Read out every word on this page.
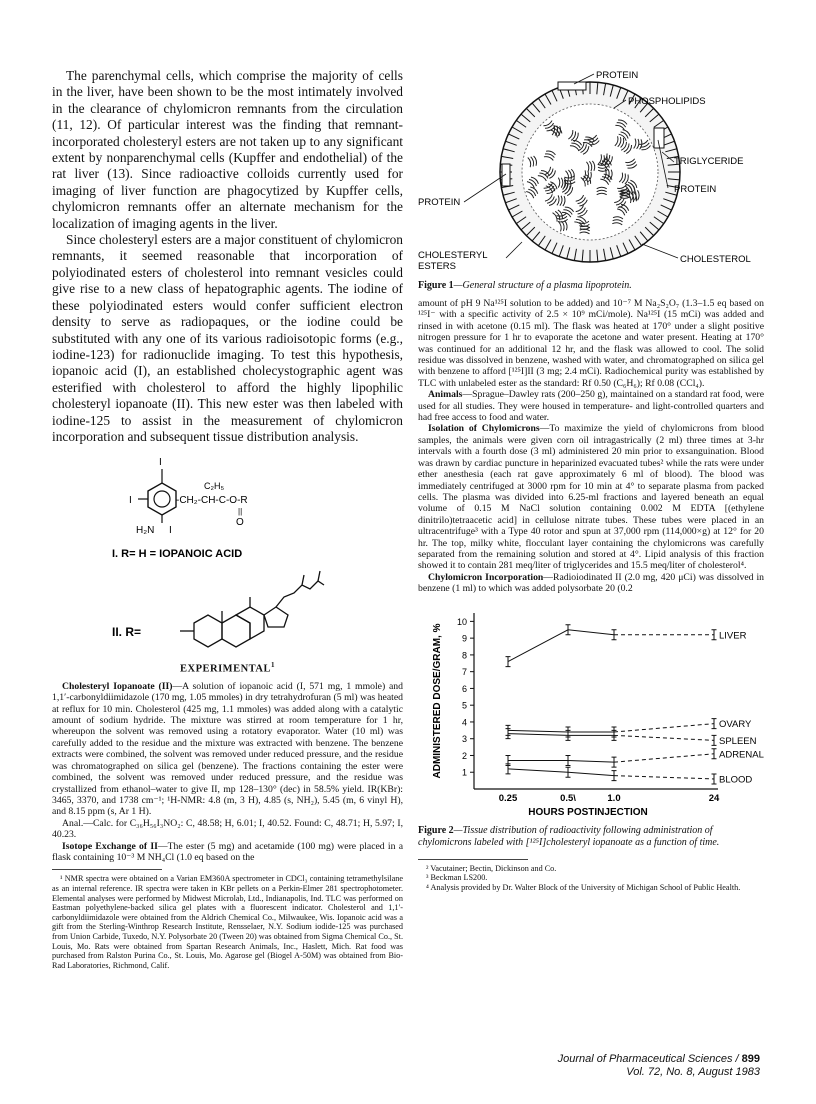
The parenchymal cells, which comprise the majority of cells in the liver, have been shown to be the most intimately involved in the clearance of chylomicron remnants from the circulation (11, 12). Of particular interest was the finding that remnant-incorporated cholesteryl esters are not taken up to any significant extent by nonparenchymal cells (Kupffer and endothelial) of the rat liver (13). Since radioactive colloids currently used for imaging of liver function are phagocytized by Kupffer cells, chylomicron remnants offer an alternate mechanism for the localization of imaging agents in the liver.

Since cholesteryl esters are a major constituent of chylomicron remnants, it seemed reasonable that incorporation of polyiodinated esters of cholesterol into remnant vesicles could give rise to a new class of hepatographic agents. The iodine of these polyiodinated esters would confer sufficient electron density to serve as radiopaques, or the iodine could be substituted with any one of its various radioisotopic forms (e.g., iodine-123) for radionuclide imaging. To test this hypothesis, iopanoic acid (I), an established cholecystographic agent was esterified with cholesterol to afford the highly lipophilic cholesteryl iopanoate (II). This new ester was then labeled with iodine-125 to assist in the measurement of chylomicron incorporation and subsequent tissue distribution analysis.

I
I
I
H₂N
C₂H₅
-CH₂-CH-C-O-R
||
O
I. R= H = IOPANOIC ACID
II. R=
$EXPERIMENTAL^1$

Cholesteryl Iopanoate (II)—A solution of iopanoic acid (I, 571 mg, 1 mmole) and 1,1′-carbonyldiimidazole (170 mg, 1.05 mmoles) in dry tetrahydrofuran (5 ml) was heated at reflux for 10 min. Cholesterol (425 mg, 1.1 mmoles) was added along with a catalytic amount of sodium hydride. The mixture was stirred at room temperature for 1 hr, whereupon the solvent was removed using a rotatory evaporator. Water (10 ml) was carefully added to the residue and the mixture was extracted with benzene. The benzene extracts were combined, the solvent was removed under reduced pressure, and the residue was chromatographed on silica gel (benzene). The fractions containing the ester were combined, the solvent was removed under reduced pressure, and the residue was crystallized from ethanol–water to give II, mp 128–130° (dec) in 58.5% yield. IR(KBr): 3465, 3370, and 1738 cm⁻¹; ¹H-NMR: 4.8 (m, 3 H), 4.85 (s, NH₂), 5.45 (m, 6 vinyl H), and 8.15 ppm (s, Ar 1 H).

Anal.—Calc. for C₃₆H₅₆I₃NO₂: C, 48.58; H, 6.01; I, 40.52. Found: C, 48.71; H, 5.97; I, 40.23.

Isotope Exchange of II—The ester (5 mg) and acetamide (100 mg) were placed in a flask containing 10⁻³ M NH₄Cl (1.0 eq based on the

¹ NMR spectra were obtained on a Varian EM360A spectrometer in CDCl₃ containing tetramethylsilane as an internal reference. IR spectra were taken in KBr pellets on a Perkin-Elmer 281 spectrophotometer. Elemental analyses were performed by Midwest Microlab, Ltd., Indianapolis, Ind. TLC was performed on Eastman polyethylene-backed silica gel plates with a fluorescent indicator. Cholesterol and 1,1′-carbonyldiimidazole were obtained from the Aldrich Chemical Co., Milwaukee, Wis. Iopanoic acid was a gift from the Sterling-Winthrop Research Institute, Rensselaer, N.Y. Sodium iodide-125 was purchased from Union Carbide, Tuxedo, N.Y. Polysorbate 20 (Tween 20) was obtained from Sigma Chemical Co., St. Louis, Mo. Rats were obtained from Spartan Research Animals, Inc., Haslett, Mich. Rat food was purchased from Ralston Purina Co., St. Louis, Mo. Agarose gel (Biogel A-50M) was obtained from Bio-Rad Laboratories, Richmond, Calif.

PROTEIN
PHOSPHOLIPIDS
TRIGLYCERIDE
PROTEIN
PROTEIN
CHOLESTERYL
ESTERS
CHOLESTEROL
Figure 1—General structure of a plasma lipoprotein.

amount of pH 9 Na¹²⁵I solution to be added) and 10⁻⁷ M Na₂S₂O₇ (1.3–1.5 eq based on ¹²⁵I⁻ with a specific activity of 2.5 × 10⁹ mCi/mole). Na¹²⁵I (15 mCi) was added and rinsed in with acetone (0.15 ml). The flask was heated at 170° under a slight positive nitrogen pressure for 1 hr to evaporate the acetone and water present. Heating at 170° was continued for an additional 12 hr, and the flask was allowed to cool. The solid residue was dissolved in benzene, washed with water, and chromatographed on silica gel with benzene to afford [¹²⁵I]II (3 mg; 2.4 mCi). Radiochemical purity was established by TLC with unlabeled ester as the standard: Rf 0.50 (C₆H₆); Rf 0.08 (CCl₄).

Animals—Sprague–Dawley rats (200–250 g), maintained on a standard rat food, were used for all studies. They were housed in temperature- and light-controlled quarters and had free access to food and water.

Isolation of Chylomicrons—To maximize the yield of chylomicrons from blood samples, the animals were given corn oil intragastrically (2 ml) three times at 3-hr intervals with a fourth dose (3 ml) administered 20 min prior to exsanguination. Blood was drawn by cardiac puncture in heparinized evacuated tubes² while the rats were under ether anesthesia (each rat gave approximately 6 ml of blood). The blood was immediately centrifuged at 3000 rpm for 10 min at 4° to separate plasma from packed cells. The plasma was divided into 6.25-ml fractions and layered beneath an equal volume of 0.15 M NaCl solution containing 0.002 M EDTA [(ethylene dinitrilo)tetraacetic acid] in cellulose nitrate tubes. These tubes were placed in an ultracentrifuge³ with a Type 40 rotor and spun at 37,000 rpm (114,000×g) at 12° for 20 hr. The top, milky white, flocculant layer containing the chylomicrons was carefully separated from the remaining solution and stored at 4°. Lipid analysis of this fraction showed it to contain 281 meq/liter of triglycerides and 15.5 meq/liter of cholesterol⁴.

Chylomicron Incorporation—Radioiodinated II (2.0 mg, 420 μCi) was dissolved in benzene (1 ml) to which was added polysorbate 20 (0.2

ADMINISTERED DOSE/GRAM, %
HOURS POSTINJECTION
1
2
3
4
5
6
7
8
9
10
0.25	0.5\	1.0	24
LIVER
OVARY
SPLEEN
ADRENAL
BLOOD
Figure 2—Tissue distribution of radioactivity following administration of chylomicrons labeled with [¹²⁵I]cholesteryl iopanoate as a function of time.

² Vacutainer; Bectin, Dickinson and Co.

³ Beckman LS200.

⁴ Analysis provided by Dr. Walter Block of the University of Michigan School of Public Health.

Journal of Pharmaceutical Sciences / 899
Vol. 72, No. 8, August 1983
